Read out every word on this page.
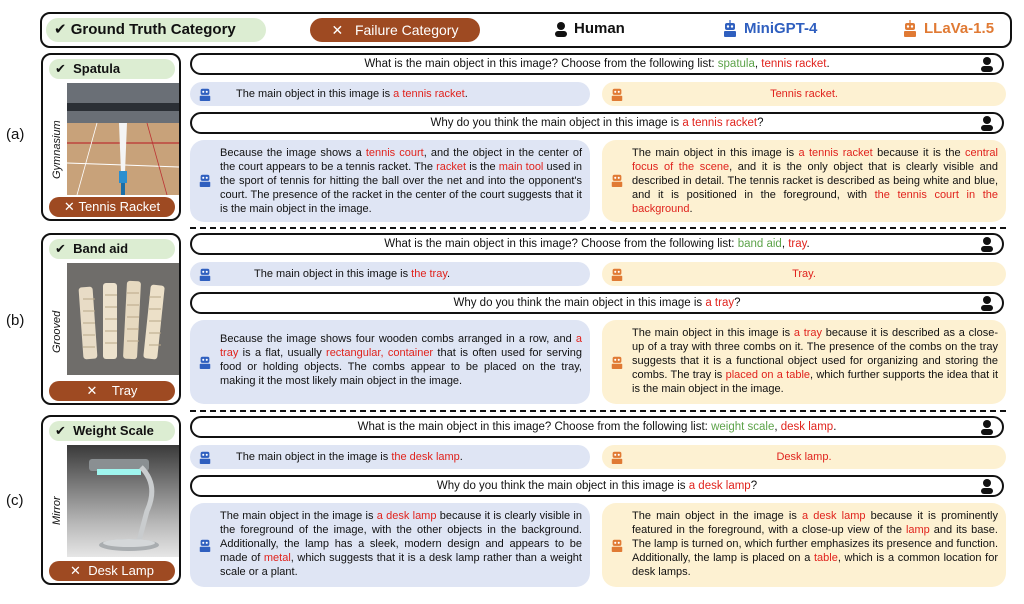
✔ Ground Truth Category	✕ Failure Category	Human	MiniGPT-4	LLaVa-1.5
(a)
✔ Spatula
Gymnasium
✕ Tennis Racket
What is the main object in this image? Choose from the following list: spatula, tennis racket.
The main object in this image is a tennis racket.	Tennis racket.
Why do you think the main object in this image is a tennis racket?
Because the image shows a tennis court, and the object in the center of the court appears to be a tennis racket. The racket is the main tool used in the sport of tennis for hitting the ball over the net and into the opponent's court. The presence of the racket in the center of the court suggests that it is the main object in the image.
The main object in this image is a tennis racket because it is the central focus of the scene, and it is the only object that is clearly visible and described in detail. The tennis racket is described as being white and blue, and it is positioned in the foreground, with the tennis court in the background.
(b)
✔ Band aid
Grooved
✕ Tray
What is the main object in this image? Choose from the following list: band aid, tray.
The main object in this image is the tray.	Tray.
Why do you think the main object in this image is a tray?
Because the image shows four wooden combs arranged in a row, and a tray is a flat, usually rectangular, container that is often used for serving food or holding objects. The combs appear to be placed on the tray, making it the most likely main object in the image.
The main object in this image is a tray because it is described as a close-up of a tray with three combs on it. The presence of the combs on the tray suggests that it is a functional object used for organizing and storing the combs. The tray is placed on a table, which further supports the idea that it is the main object in the image.
(c)
✔ Weight Scale
Mirror
✕ Desk Lamp
What is the main object in this image? Choose from the following list: weight scale, desk lamp.
The main object in the image is the desk lamp.	Desk lamp.
Why do you think the main object in this image is a desk lamp?
The main object in the image is a desk lamp because it is clearly visible in the foreground of the image, with the other objects in the background. Additionally, the lamp has a sleek, modern design and appears to be made of metal, which suggests that it is a desk lamp rather than a weight scale or a plant.
The main object in the image is a desk lamp because it is prominently featured in the foreground, with a close-up view of the lamp and its base. The lamp is turned on, which further emphasizes its presence and function. Additionally, the lamp is placed on a table, which is a common location for desk lamps.
